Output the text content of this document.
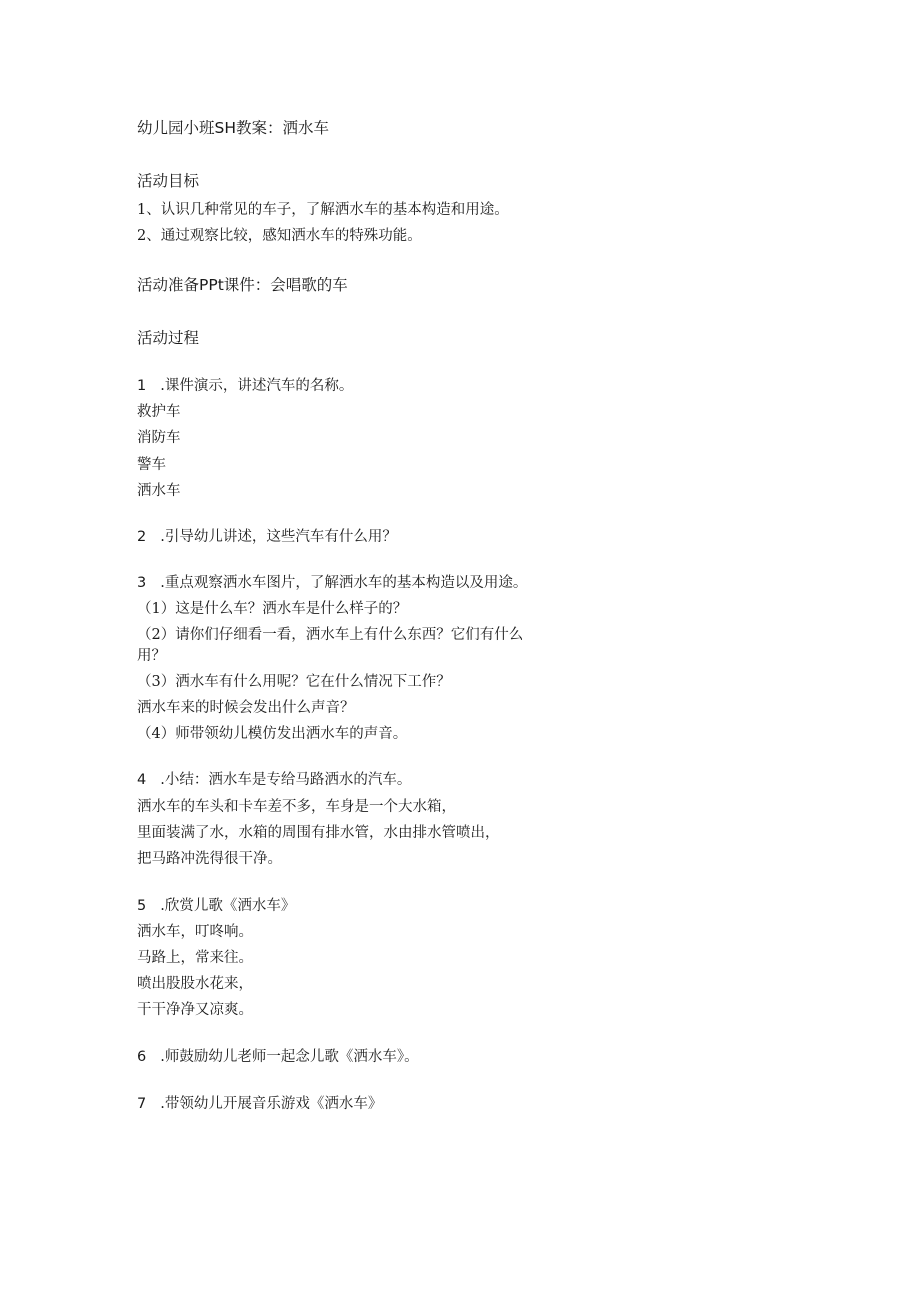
幼儿园小班SH教案：洒水车
活动目标
1、认识几种常见的车子，了解洒水车的基本构造和用途。
2、通过观察比较，感知洒水车的特殊功能。
活动准备PPt课件：会唱歌的车
活动过程
1 .课件演示，讲述汽车的名称。
救护车
消防车
警车
洒水车
2 .引导幼儿讲述，这些汽车有什么用？
3 .重点观察洒水车图片，了解洒水车的基本构造以及用途。
（1）这是什么车？洒水车是什么样子的？
（2）请你们仔细看一看，洒水车上有什么东西？它们有什么
用？
（3）洒水车有什么用呢？它在什么情况下工作？
洒水车来的时候会发出什么声音？
（4）师带领幼儿模仿发出洒水车的声音。
4 .小结：洒水车是专给马路洒水的汽车。
洒水车的车头和卡车差不多，车身是一个大水箱，
里面装满了水，水箱的周围有排水管，水由排水管喷出，
把马路冲洗得很干净。
5 .欣赏儿歌《洒水车》
洒水车，叮咚响。
马路上，常来往。
喷出股股水花来，
干干净净又凉爽。
6 .师鼓励幼儿老师一起念儿歌《洒水车》。
7 .带领幼儿开展音乐游戏《洒水车》
